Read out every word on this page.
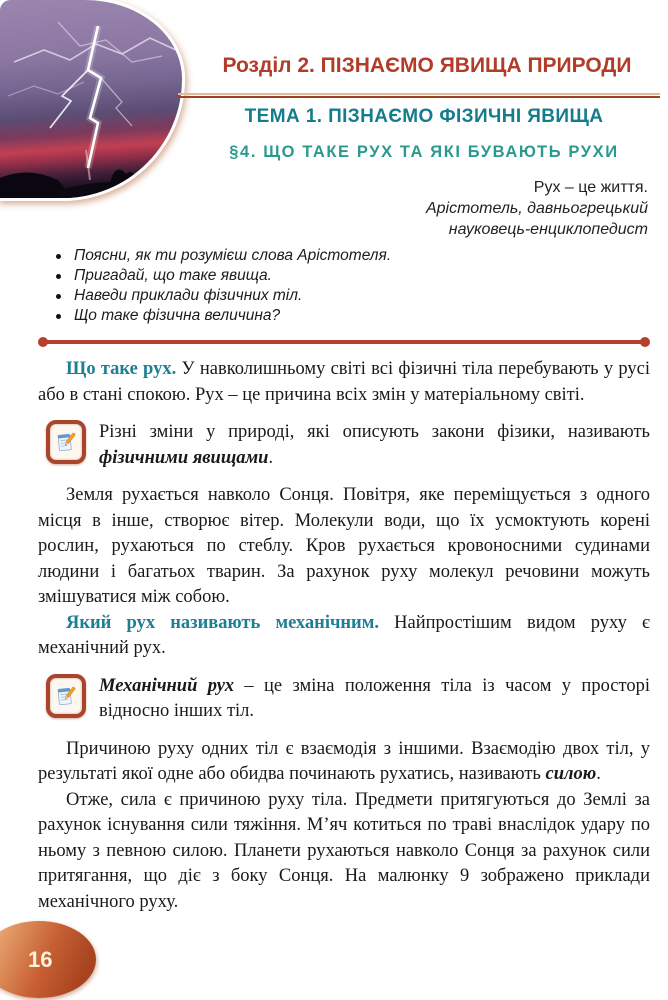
Розділ 2. ПІЗНАЄМО ЯВИЩА ПРИРОДИ
ТЕМА 1. ПІЗНАЄМО ФІЗИЧНІ ЯВИЩА
§4. ЩО ТАКЕ РУХ ТА ЯКІ БУВАЮТЬ РУХИ
Рух – це життя.
Арістотель, давньогрецький
науковець-енциклопедист
Поясни, як ти розумієш слова Арістотеля.
Пригадай, що таке явища.
Наведи приклади фізичних тіл.
Що таке фізична величина?

Що таке рух. У навколишньому світі всі фізичні тіла перебувають у русі або в стані спокою. Рух – це причина всіх змін у матеріальному світі.

Різні зміни у природі, які описують закони фізики, називають фізичними явищами.

Земля рухається навколо Сонця. Повітря, яке переміщується з одного місця в інше, створює вітер. Молекули води, що їх усмоктують корені рослин, рухаються по стеблу. Кров рухається кровоносними судинами людини і багатьох тварин. За рахунок руху молекул речовини можуть змішуватися між собою.

Який рух називають механічним. Найпростішим видом руху є механічний рух.

Механічний рух – це зміна положення тіла із часом у просторі відносно інших тіл.

Причиною руху одних тіл є взаємодія з іншими. Взаємодію двох тіл, у результаті якої одне або обидва починають рухатись, називають силою.

Отже, сила є причиною руху тіла. Предмети притягуються до Землі за рахунок існування сили тяжіння. М’яч котиться по траві внаслідок удару по ньому з певною силою. Планети рухаються навколо Сонця за рахунок сили притягання, що діє з боку Сонця. На малюнку 9 зображено приклади механічного руху.

16
